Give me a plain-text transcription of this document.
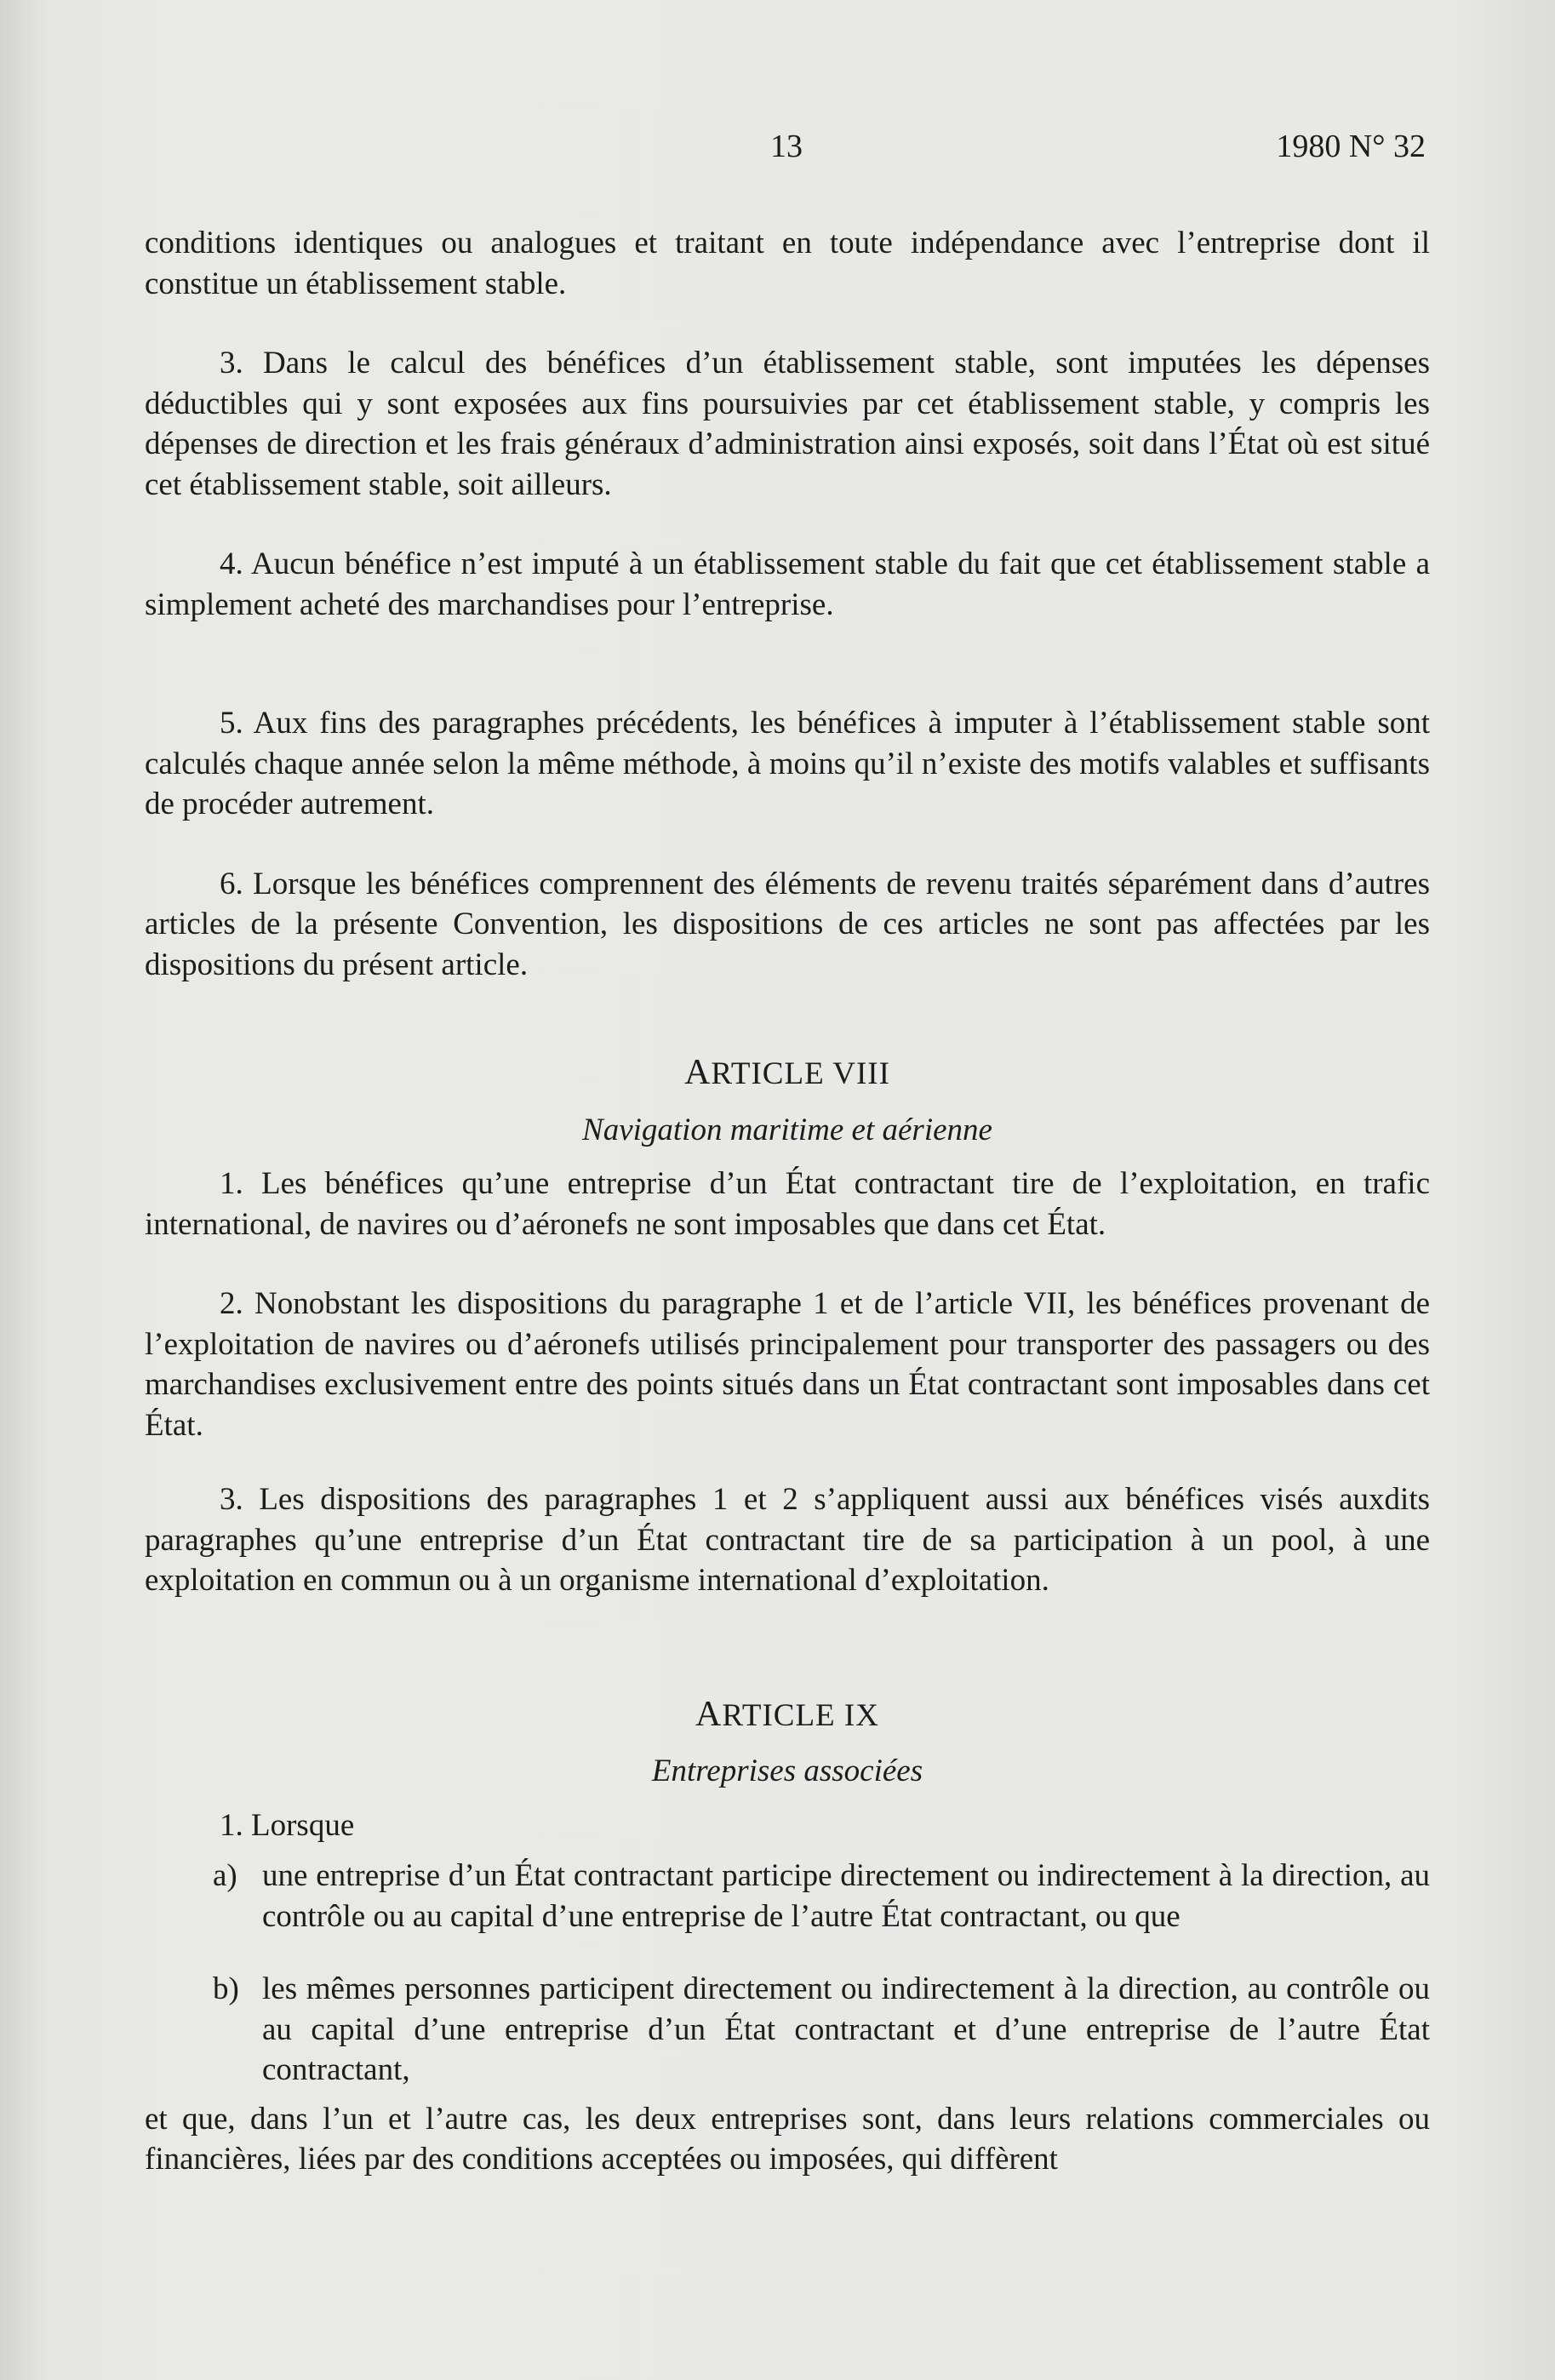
13	1980 N° 32

conditions identiques ou analogues et traitant en toute indépendance avec l’entreprise dont il constitue un établissement stable.

3. Dans le calcul des bénéfices d’un établissement stable, sont imputées les dépenses déductibles qui y sont exposées aux fins poursuivies par cet établissement stable, y compris les dépenses de direction et les frais généraux d’administration ainsi exposés, soit dans l’État où est situé cet établissement stable, soit ailleurs.

4. Aucun bénéfice n’est imputé à un établissement stable du fait que cet établissement stable a simplement acheté des marchandises pour l’entreprise.

5. Aux fins des paragraphes précédents, les bénéfices à imputer à l’établissement stable sont calculés chaque année selon la même méthode, à moins qu’il n’existe des motifs valables et suffisants de procéder autrement.

6. Lorsque les bénéfices comprennent des éléments de revenu traités séparément dans d’autres articles de la présente Convention, les dispositions de ces articles ne sont pas affectées par les dispositions du présent article.

ARTICLE VIII
Navigation maritime et aérienne

1. Les bénéfices qu’une entreprise d’un État contractant tire de l’exploitation, en trafic international, de navires ou d’aéronefs ne sont imposables que dans cet État.

2. Nonobstant les dispositions du paragraphe 1 et de l’article VII, les bénéfices provenant de l’exploitation de navires ou d’aéronefs utilisés principalement pour transporter des passagers ou des marchandises exclusivement entre des points situés dans un État contractant sont imposables dans cet État.

3. Les dispositions des paragraphes 1 et 2 s’appliquent aussi aux bénéfices visés auxdits paragraphes qu’une entreprise d’un État contractant tire de sa participation à un pool, à une exploitation en commun ou à un organisme international d’exploitation.

ARTICLE IX
Entreprises associées

1. Lorsque

a) une entreprise d’un État contractant participe directement ou indirectement à la direction, au contrôle ou au capital d’une entreprise de l’autre État contractant, ou que
b) les mêmes personnes participent directement ou indirectement à la direction, au contrôle ou au capital d’une entreprise d’un État contractant et d’une entreprise de l’autre État contractant,

et que, dans l’un et l’autre cas, les deux entreprises sont, dans leurs relations commerciales ou financières, liées par des conditions acceptées ou imposées, qui diffèrent
